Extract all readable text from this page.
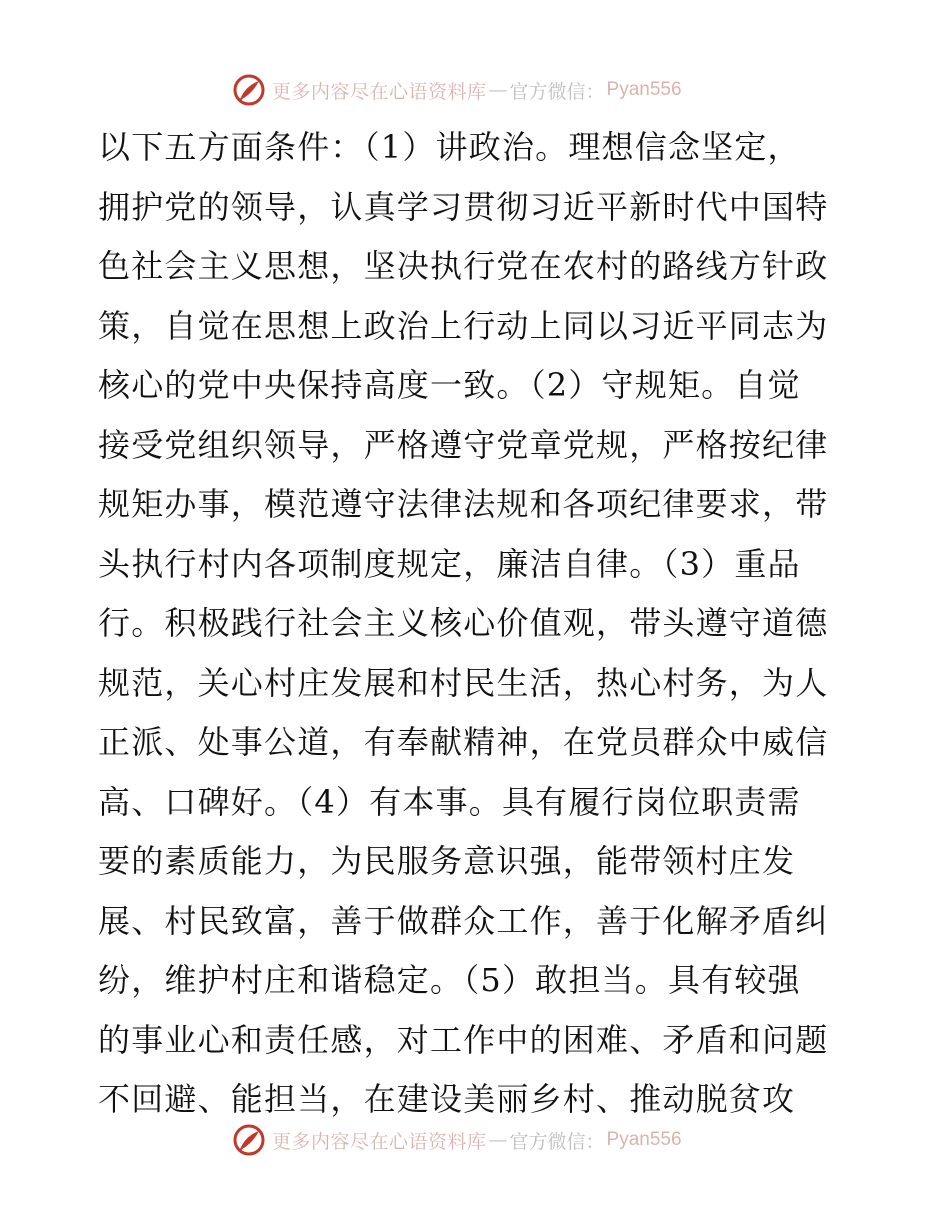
更多内容尽在心语资料库 — 官方微信： Pyan556
以下五方面条件：（1）讲政治。理想信念坚定，
拥护党的领导，认真学习贯彻习近平新时代中国特
色社会主义思想，坚决执行党在农村的路线方针政
策，自觉在思想上政治上行动上同以习近平同志为
核心的党中央保持高度一致。（2）守规矩。自觉
接受党组织领导，严格遵守党章党规，严格按纪律
规矩办事，模范遵守法律法规和各项纪律要求，带
头执行村内各项制度规定，廉洁自律。（3）重品
行。积极践行社会主义核心价值观，带头遵守道德
规范，关心村庄发展和村民生活，热心村务，为人
正派、处事公道，有奉献精神，在党员群众中威信
高、口碑好。（4）有本事。具有履行岗位职责需
要的素质能力，为民服务意识强，能带领村庄发
展、村民致富，善于做群众工作，善于化解矛盾纠
纷，维护村庄和谐稳定。（5）敢担当。具有较强
的事业心和责任感，对工作中的困难、矛盾和问题
不回避、能担当，在建设美丽乡村、推动脱贫攻
更多内容尽在心语资料库 — 官方微信： Pyan556
